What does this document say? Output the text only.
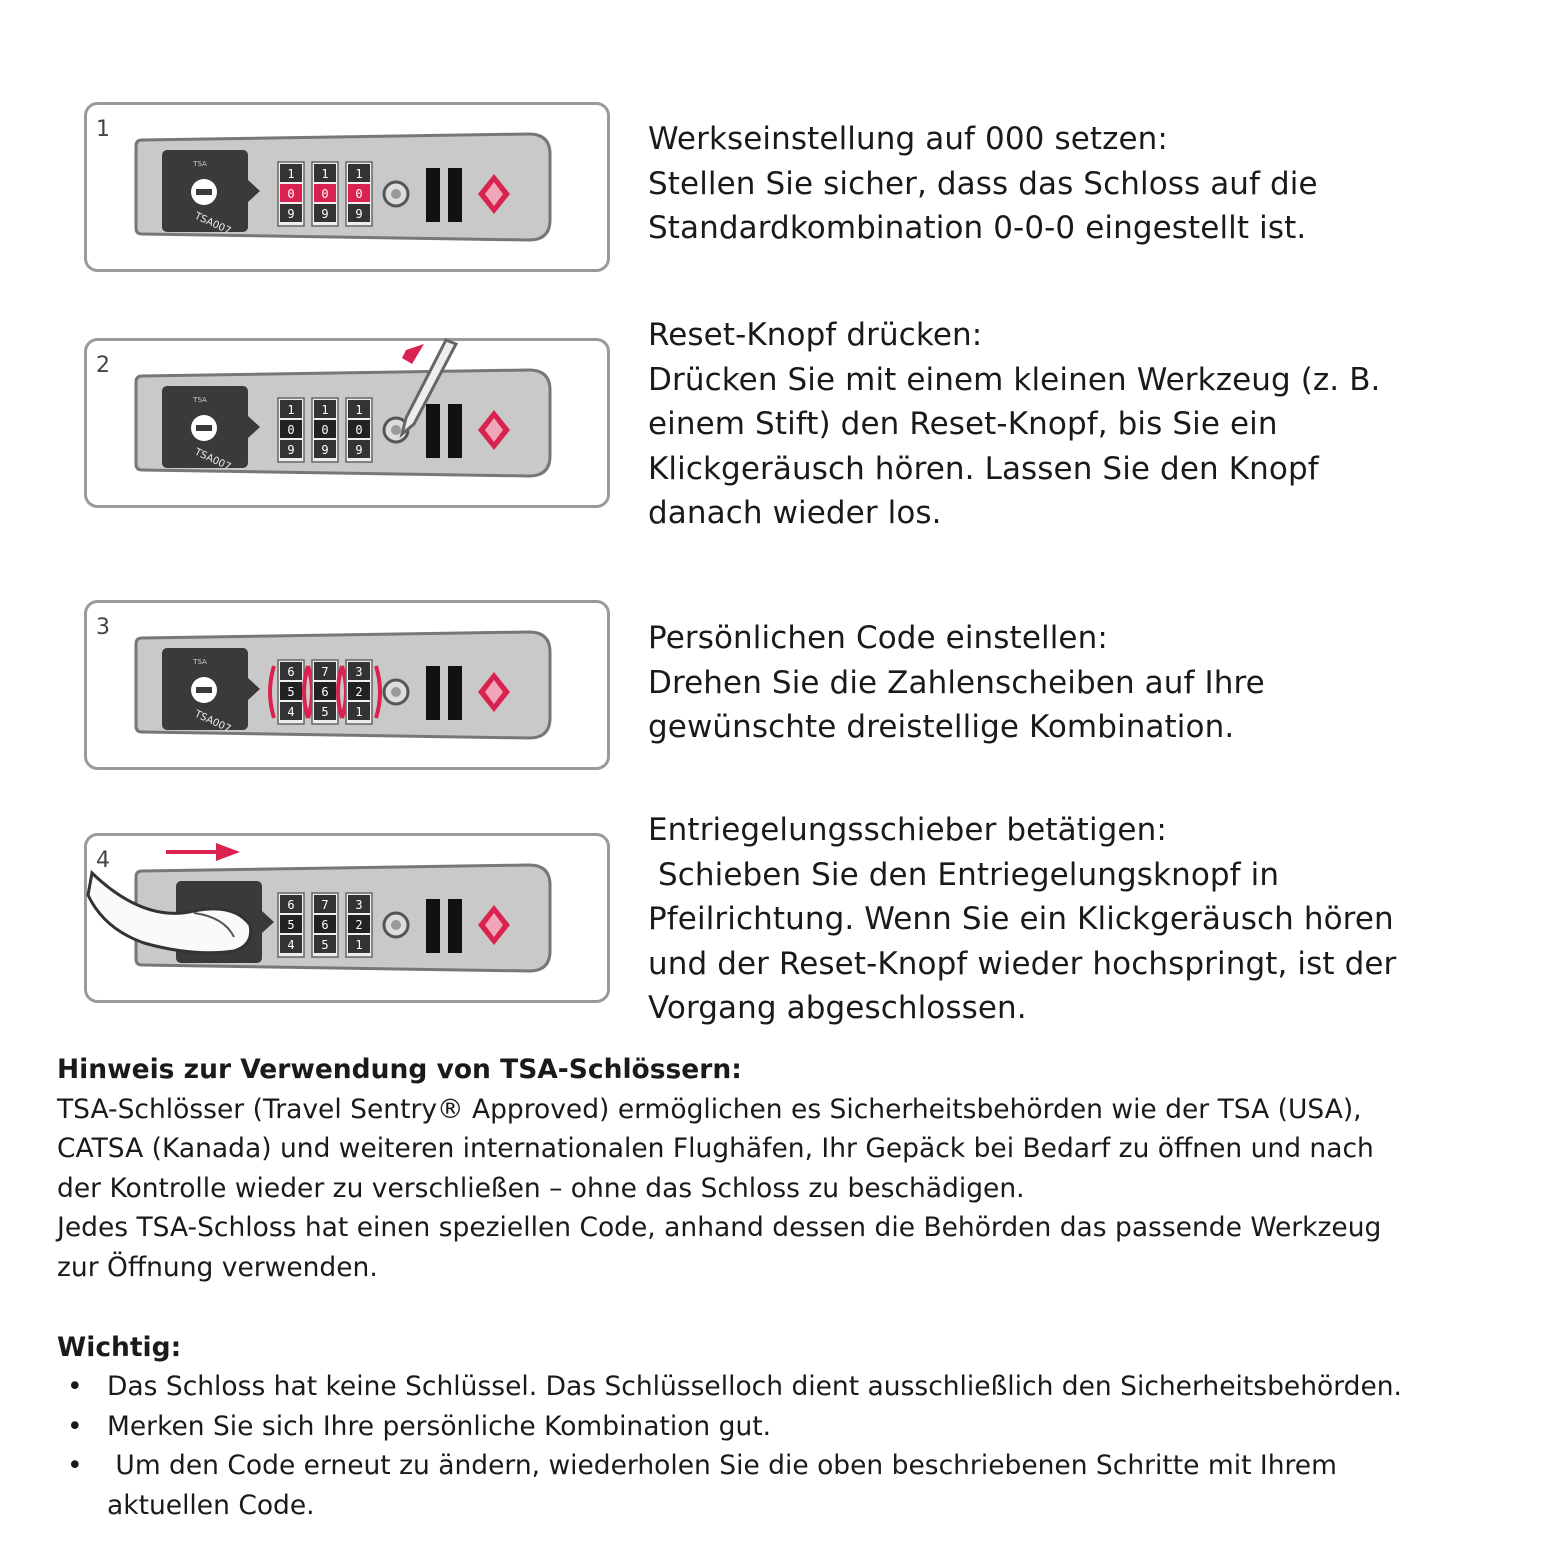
1
TSA
TSA007
1
0
9
1
0
9
1
0
9
2
TSA
TSA007
1
0
9
1
0
9
1
0
9
3
TSA
TSA007
6
5
4
7
6
5
3
2
1
4
6
5
4
7
6
5
3
2
1
Werkseinstellung auf 000 setzen:
Stellen Sie sicher, dass das Schloss auf die
Standardkombination 0-0-0 eingestellt ist.
Reset-Knopf drücken:
Drücken Sie mit einem kleinen Werkzeug (z. B.
einem Stift) den Reset-Knopf, bis Sie ein
Klickgeräusch hören. Lassen Sie den Knopf
danach wieder los.
Persönlichen Code einstellen:
Drehen Sie die Zahlenscheiben auf Ihre
gewünschte dreistellige Kombination.
Entriegelungsschieber betätigen:
Schieben Sie den Entriegelungsknopf in
Pfeilrichtung. Wenn Sie ein Klickgeräusch hören
und der Reset-Knopf wieder hochspringt, ist der
Vorgang abgeschlossen.
Hinweis zur Verwendung von TSA-Schlössern:
TSA-Schlösser (Travel Sentry® Approved) ermöglichen es Sicherheitsbehörden wie der TSA (USA),
CATSA (Kanada) und weiteren internationalen Flughäfen, Ihr Gepäck bei Bedarf zu öffnen und nach
der Kontrolle wieder zu verschließen – ohne das Schloss zu beschädigen.
Jedes TSA-Schloss hat einen speziellen Code, anhand dessen die Behörden das passende Werkzeug
zur Öffnung verwenden.
Wichtig:
• Das Schloss hat keine Schlüssel. Das Schlüsselloch dient ausschließlich den Sicherheitsbehörden.
• Merken Sie sich Ihre persönliche Kombination gut.
• Um den Code erneut zu ändern, wiederholen Sie die oben beschriebenen Schritte mit Ihrem
aktuellen Code.
